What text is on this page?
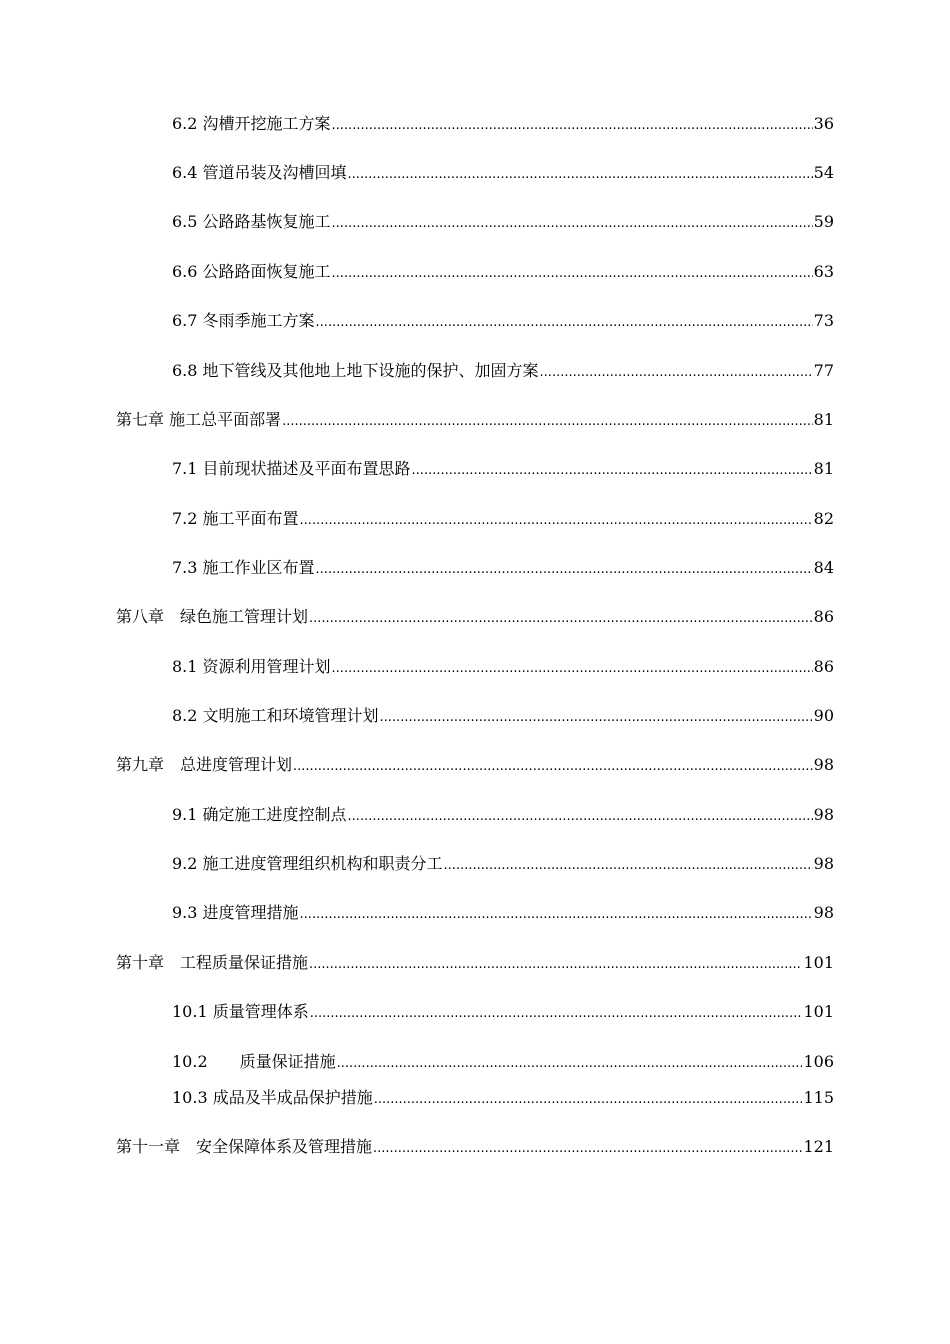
6.2 沟槽开挖施工方案 .....	36
6.4 管道吊装及沟槽回填 .....	54
6.5 公路路基恢复施工 .....	59
6.6 公路路面恢复施工 .....	63
6.7 冬雨季施工方案 .....	73
6.8 地下管线及其他地上地下设施的保护、加固方案 .....	77
第七章 施工总平面部署 .....	81
7.1 目前现状描述及平面布置思路 .....	81
7.2 施工平面布置 .....	82
7.3 施工作业区布置 .....	84
第八章　绿色施工管理计划 .....	86
8.1 资源利用管理计划 .....	86
8.2 文明施工和环境管理计划 .....	90
第九章　总进度管理计划 .....	98
9.1 确定施工进度控制点 .....	98
9.2 施工进度管理组织机构和职责分工 .....	98
9.3 进度管理措施 .....	98
第十章　工程质量保证措施 .....	101
10.1 质量管理体系 .....	101
10.2　　质量保证措施 .....	106
10.3 成品及半成品保护措施 .....	115
第十一章　安全保障体系及管理措施 .....	121
